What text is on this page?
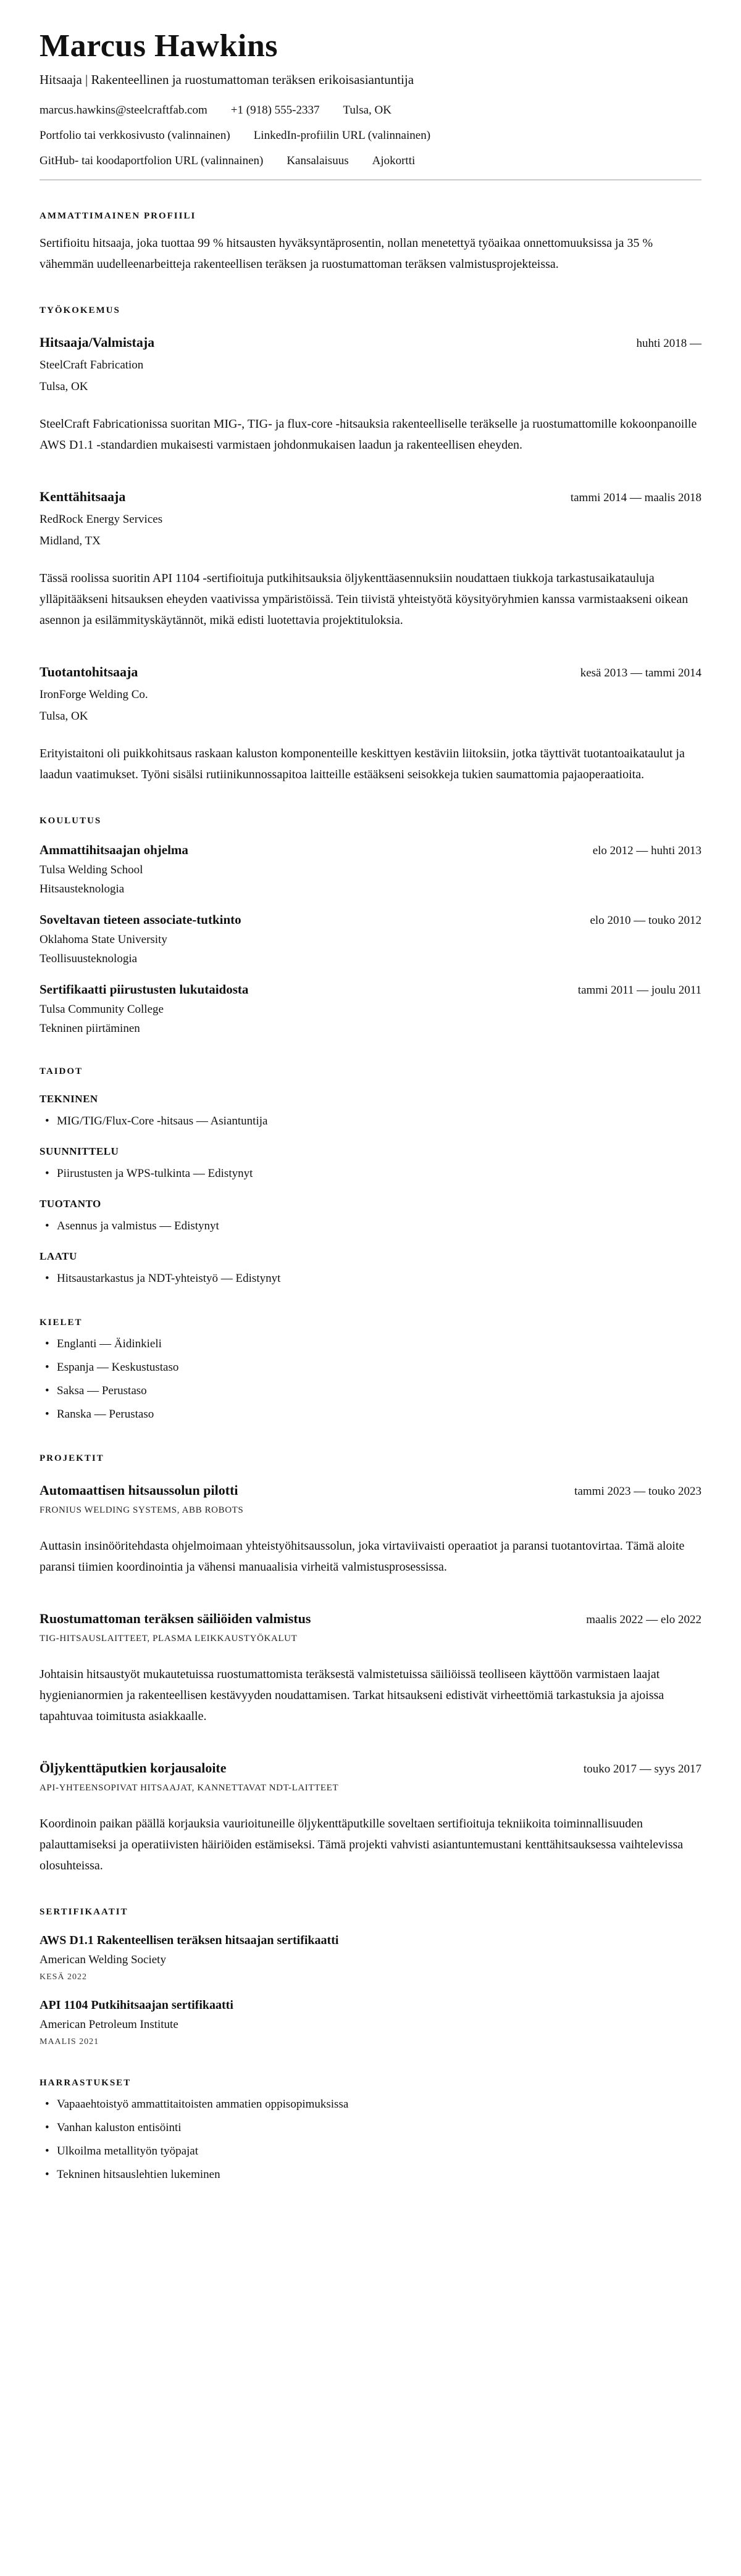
Marcus Hawkins
Hitsaaja | Rakenteellinen ja ruostumattoman teräksen erikoisasiantuntija
marcus.hawkins@steelcraftfab.com +1 (918) 555-2337 Tulsa, OK
Portfolio tai verkkosivusto (valinnainen) LinkedIn-profiilin URL (valinnainen)
GitHub- tai koodaportfolion URL (valinnainen) Kansalaisuus Ajokortti
AMMATTIMAINEN PROFIILI

Sertifioitu hitsaaja, joka tuottaa 99 % hitsausten hyväksyntäprosentin, nollan menetettyä työaikaa onnettomuuksissa ja 35 % vähemmän uudelleenarbeitteja rakenteellisen teräksen ja ruostumattoman teräksen valmistusprojekteissa.

TYÖKOKEMUS
Hitsaaja/Valmistaja	huhti 2018 —
SteelCraft Fabrication
Tulsa, OK

SteelCraft Fabricationissa suoritan MIG-, TIG- ja flux-core -hitsauksia rakenteelliselle teräkselle ja ruostumattomille kokoonpanoille AWS D1.1 -standardien mukaisesti varmistaen johdonmukaisen laadun ja rakenteellisen eheyden.

Kenttähitsaaja	tammi 2014 — maalis 2018
RedRock Energy Services
Midland, TX

Tässä roolissa suoritin API 1104 -sertifioituja putkihitsauksia öljykenttäasennuksiin noudattaen tiukkoja tarkastusaikatauluja ylläpitääkseni hitsauksen eheyden vaativissa ympäristöissä. Tein tiivistä yhteistyötä köysityöryhmien kanssa varmistaakseni oikean asennon ja esilämmityskäytännöt, mikä edisti luotettavia projektituloksia.

Tuotantohitsaaja	kesä 2013 — tammi 2014
IronForge Welding Co.
Tulsa, OK

Erityistaitoni oli puikkohitsaus raskaan kaluston komponenteille keskittyen kestäviin liitoksiin, jotka täyttivät tuotantoaikataulut ja laadun vaatimukset. Työni sisälsi rutiinikunnossapitoa laitteille estääkseni seisokkeja tukien saumattomia pajaoperaatioita.

KOULUTUS
Ammattihitsaajan ohjelma	elo 2012 — huhti 2013
Tulsa Welding School
Hitsausteknologia
Soveltavan tieteen associate-tutkinto	elo 2010 — touko 2012
Oklahoma State University
Teollisuusteknologia
Sertifikaatti piirustusten lukutaidosta	tammi 2011 — joulu 2011
Tulsa Community College
Tekninen piirtäminen
TAIDOT
TEKNINEN
• MIG/TIG/Flux-Core -hitsaus — Asiantuntija
SUUNNITTELU
• Piirustusten ja WPS-tulkinta — Edistynyt
TUOTANTO
• Asennus ja valmistus — Edistynyt
LAATU
• Hitsaustarkastus ja NDT-yhteistyö — Edistynyt
KIELET
• Englanti — Äidinkieli
• Espanja — Keskustustaso
• Saksa — Perustaso
• Ranska — Perustaso
PROJEKTIT
Automaattisen hitsaussolun pilotti	tammi 2023 — touko 2023
FRONIUS WELDING SYSTEMS, ABB ROBOTS

Auttasin insinööritehdasta ohjelmoimaan yhteistyöhitsaussolun, joka virtaviivaisti operaatiot ja paransi tuotantovirtaa. Tämä aloite paransi tiimien koordinointia ja vähensi manuaalisia virheitä valmistusprosessissa.

Ruostumattoman teräksen säiliöiden valmistus	maalis 2022 — elo 2022
TIG-HITSAUSLAITTEET, PLASMA LEIKKAUSTYÖKALUT

Johtaisin hitsaustyöt mukautetuissa ruostumattomista teräksestä valmistetuissa säiliöissä teolliseen käyttöön varmistaen laajat hygienianormien ja rakenteellisen kestävyyden noudattamisen. Tarkat hitsaukseni edistivät virheettömiä tarkastuksia ja ajoissa tapahtuvaa toimitusta asiakkaalle.

Öljykenttäputkien korjausaloite	touko 2017 — syys 2017
API-YHTEENSOPIVAT HITSAAJAT, KANNETTAVAT NDT-LAITTEET

Koordinoin paikan päällä korjauksia vaurioituneille öljykenttäputkille soveltaen sertifioituja tekniikoita toiminnallisuuden palauttamiseksi ja operatiivisten häiriöiden estämiseksi. Tämä projekti vahvisti asiantuntemustani kenttähitsauksessa vaihtelevissa olosuhteissa.

SERTIFIKAATIT
AWS D1.1 Rakenteellisen teräksen hitsaajan sertifikaatti
American Welding Society
KESÄ 2022
API 1104 Putkihitsaajan sertifikaatti
American Petroleum Institute
MAALIS 2021
HARRASTUKSET
• Vapaaehtoistyö ammattitaitoisten ammatien oppisopimuksissa
• Vanhan kaluston entisöinti
• Ulkoilma metallityön työpajat
• Tekninen hitsauslehtien lukeminen
